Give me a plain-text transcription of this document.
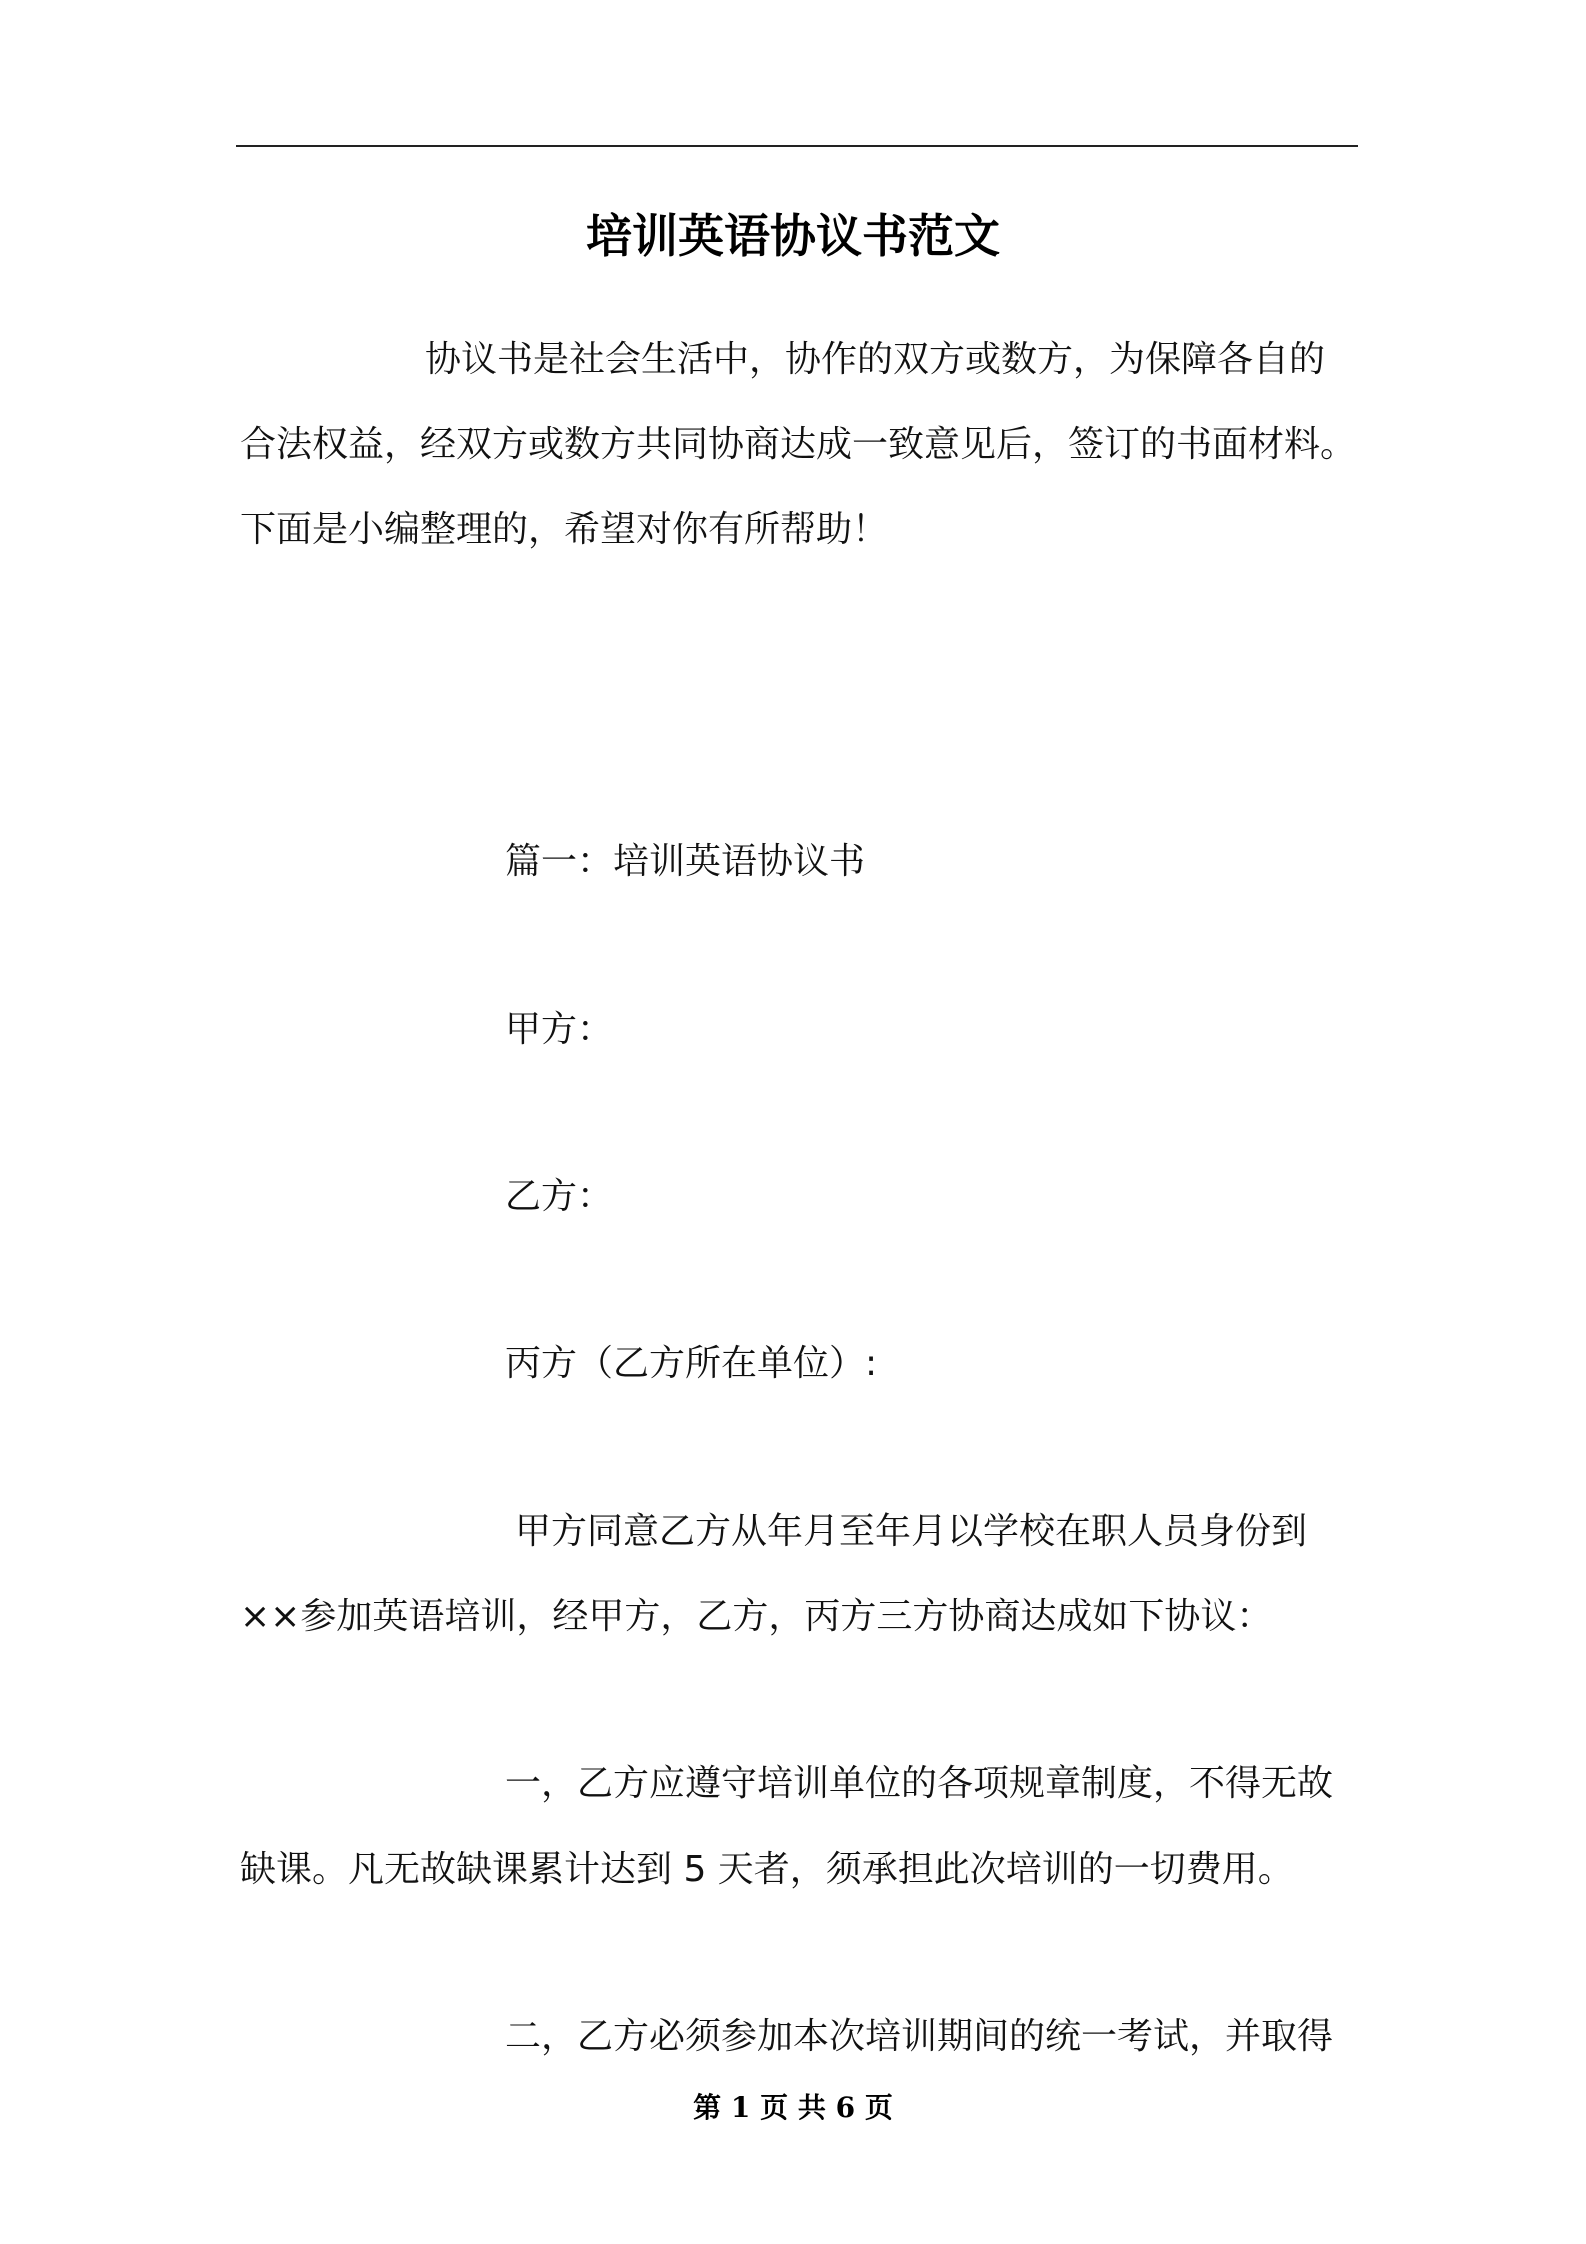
培训英语协议书范文
协议书是社会生活中，协作的双方或数方，为保障各自的
合法权益，经双方或数方共同协商达成一致意见后，签订的书面材料。
下面是小编整理的，希望对你有所帮助！
篇一：培训英语协议书
甲方：
乙方：
丙方（乙方所在单位）:
甲方同意乙方从年月至年月以学校在职人员身份到
××参加英语培训，经甲方，乙方，丙方三方协商达成如下协议：
一，乙方应遵守培训单位的各项规章制度，不得无故
缺课。凡无故缺课累计达到 5 天者，须承担此次培训的一切费用。
二，乙方必须参加本次培训期间的统一考试，并取得
第 1 页 共 6 页
